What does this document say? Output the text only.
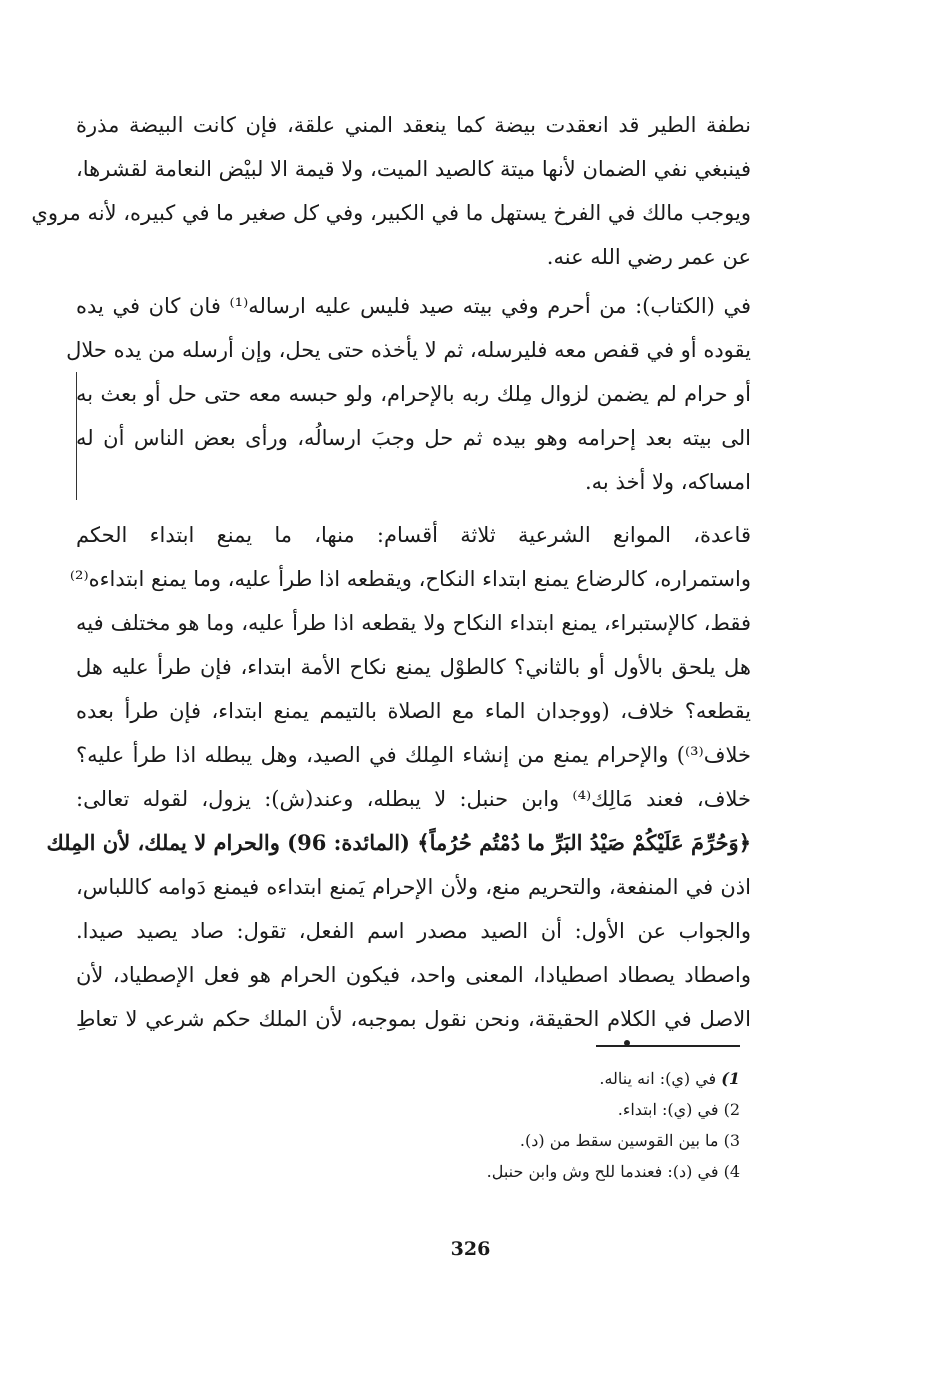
نطفة الطير قد انعقدت بيضة كما ينعقد المني علقة، فإن كانت البيضة مذرة
فينبغي نفي الضمان لأنها ميتة كالصيد الميت، ولا قيمة الا لبيْض النعامة لقشرها،
ويوجب مالك في الفرخ يستهل ما في الكبير، وفي كل صغير ما في كبيره، لأنه مروي
عن عمر رضي الله عنه.
في (الكتاب): من أحرم وفي بيته صيد فليس عليه ارساله⁽¹⁾ فان كان في يده
يقوده أو في قفص معه فليرسله، ثم لا يأخذه حتى يحل، وإن أرسله من يده حلال
أو حرام لم يضمن لزوال مِلك ربه بالإحرام، ولو حبسه معه حتى حل أو بعث به
الى بيته بعد إحرامه وهو بيده ثم حل وجبَ ارسالُه، ورأى بعض الناس أن له
امساكه، ولا أخذ به.
قاعدة، الموانع الشرعية ثلاثة أقسام: منها، ما يمنع ابتداء الحكم
واستمراره، كالرضاع يمنع ابتداء النكاح، ويقطعه اذا طرأ عليه، وما يمنع ابتداءه⁽²⁾
فقط، كالإستبراء، يمنع ابتداء النكاح ولا يقطعه اذا طرأ عليه، وما هو مختلف فيه
هل يلحق بالأول أو بالثاني؟ كالطوْل يمنع نكاح الأمة ابتداء، فإن طرأ عليه هل
يقطعه؟ خلاف، (ووجدان الماء مع الصلاة بالتيمم يمنع ابتداء، فإن طرأ بعده
خلاف⁽³⁾) والإحرام يمنع من إنشاء المِلك في الصيد، وهل يبطله اذا طرأ عليه؟
خلاف، فعند مَالِك⁽⁴⁾ وابن حنبل: لا يبطله، وعند(ش): يزول، لقوله تعالى:
﴿وَحُرِّمَ عَلَيْكُمْ صَيْدُ البَرِّ ما دُمْتُم حُرُماً﴾ (المائدة: 96) والحرام لا يملك، لأن المِلك
اذن في المنفعة، والتحريم منع، ولأن الإحرام يَمنع ابتداءه فيمنع دَوامه كاللباس،
والجواب عن الأول: أن الصيد مصدر اسم الفعل، تقول: صاد يصيد صيدا.
واصطاد يصطاد اصطيادا، المعنى واحد، فيكون الحرام هو فعل الإصطياد، لأن
الاصل في الكلام الحقيقة، ونحن نقول بموجبه، لأن الملك حكم شرعي لا تعاطِ
1) في (ي): انه يناله.
2) في (ي): ابتداء.
3) ما بين القوسين سقط من (د).
4) في (د): فعندما للح وش وابن حنبل.
326
